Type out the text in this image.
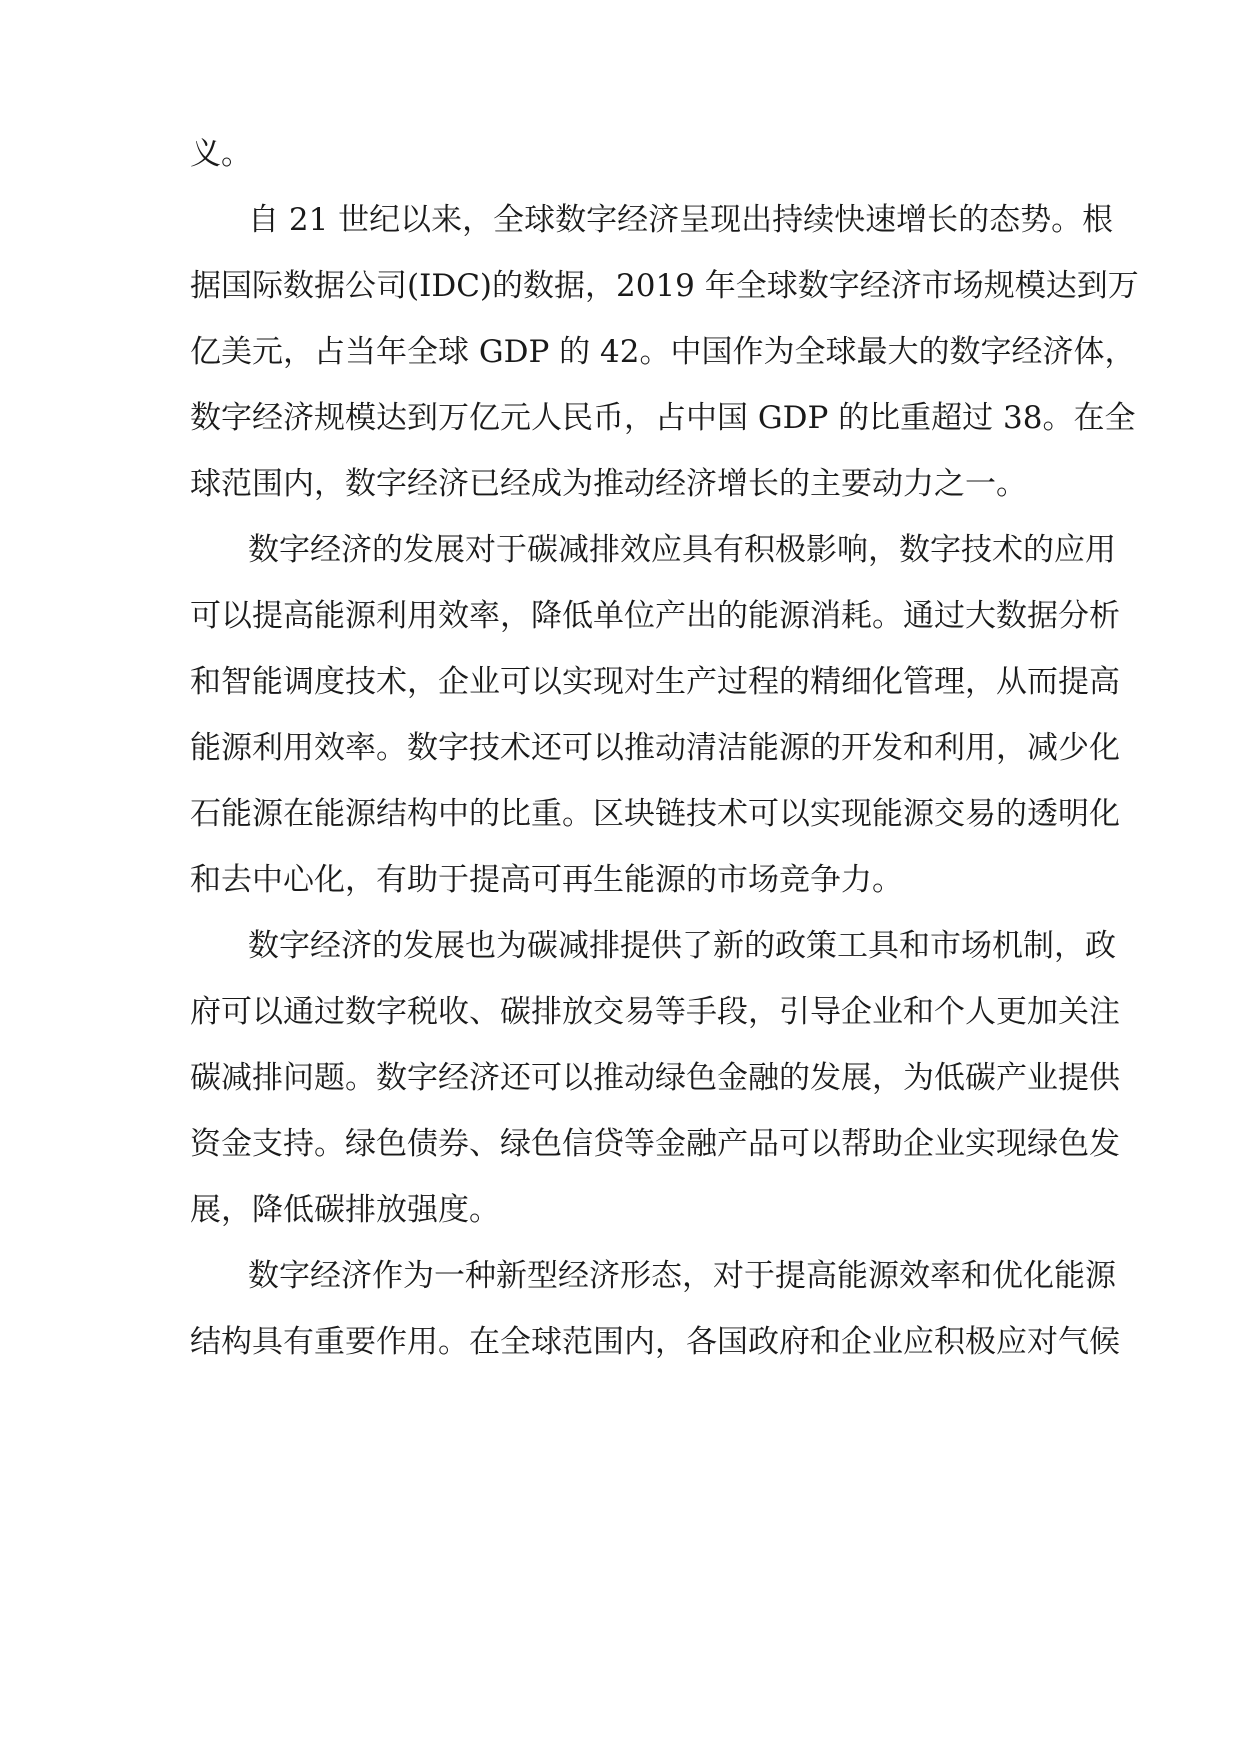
义。
自 21 世纪以来，全球数字经济呈现出持续快速增长的态势。根
据国际数据公司(IDC)的数据，2019 年全球数字经济市场规模达到万
亿美元，占当年全球 GDP 的 42。中国作为全球最大的数字经济体，
数字经济规模达到万亿元人民币，占中国 GDP 的比重超过 38。在全
球范围内，数字经济已经成为推动经济增长的主要动力之一。
数字经济的发展对于碳减排效应具有积极影响，数字技术的应用
可以提高能源利用效率，降低单位产出的能源消耗。通过大数据分析
和智能调度技术，企业可以实现对生产过程的精细化管理，从而提高
能源利用效率。数字技术还可以推动清洁能源的开发和利用，减少化
石能源在能源结构中的比重。区块链技术可以实现能源交易的透明化
和去中心化，有助于提高可再生能源的市场竞争力。
数字经济的发展也为碳减排提供了新的政策工具和市场机制，政
府可以通过数字税收、碳排放交易等手段，引导企业和个人更加关注
碳减排问题。数字经济还可以推动绿色金融的发展，为低碳产业提供
资金支持。绿色债券、绿色信贷等金融产品可以帮助企业实现绿色发
展，降低碳排放强度。
数字经济作为一种新型经济形态，对于提高能源效率和优化能源
结构具有重要作用。在全球范围内，各国政府和企业应积极应对气候
